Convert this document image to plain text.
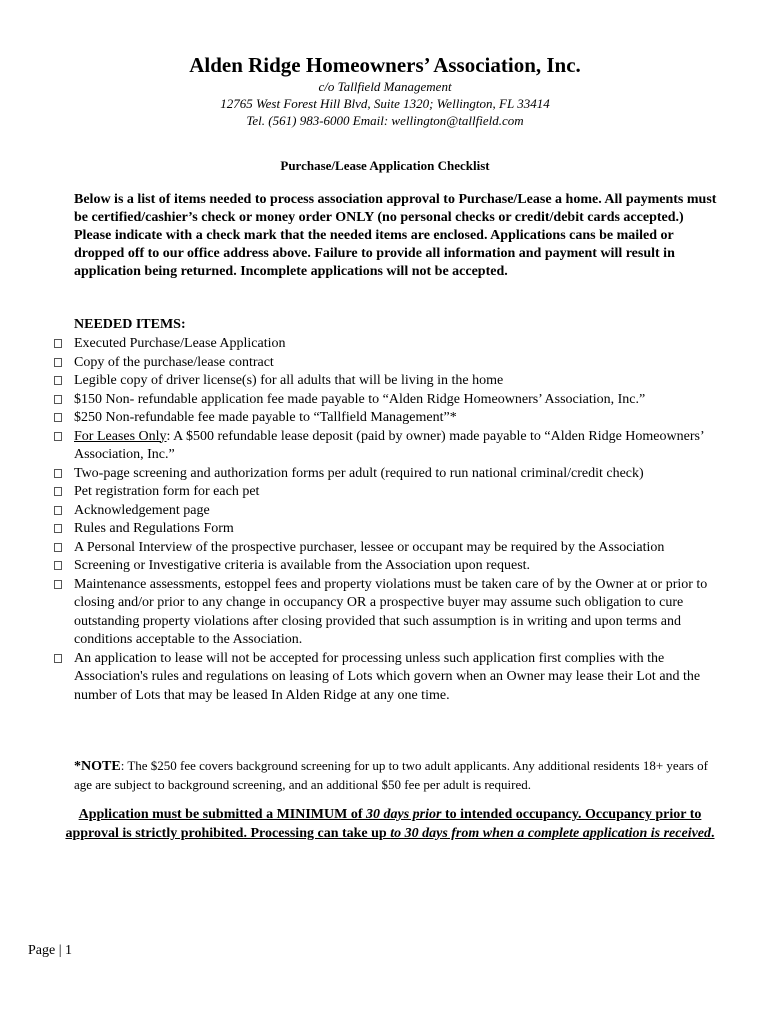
Alden Ridge Homeowners’ Association, Inc.
c/o Tallfield Management
12765 West Forest Hill Blvd, Suite 1320; Wellington, FL 33414
Tel. (561) 983-6000 Email: wellington@tallfield.com
Purchase/Lease Application Checklist
Below is a list of items needed to process association approval to Purchase/Lease a home. All payments must be certified/cashier’s check or money order ONLY (no personal checks or credit/debit cards accepted.) Please indicate with a check mark that the needed items are enclosed. Applications cans be mailed or dropped off to our office address above. Failure to provide all information and payment will result in application being returned. Incomplete applications will not be accepted.
NEEDED ITEMS:
Executed Purchase/Lease Application
Copy of the purchase/lease contract
Legible copy of driver license(s) for all adults that will be living in the home
$150 Non- refundable application fee made payable to “Alden Ridge Homeowners’ Association, Inc.”
$250 Non-refundable fee made payable to “Tallfield Management”*
For Leases Only: A $500 refundable lease deposit (paid by owner) made payable to “Alden Ridge Homeowners’ Association, Inc.”
Two-page screening and authorization forms per adult (required to run national criminal/credit check)
Pet registration form for each pet
Acknowledgement page
Rules and Regulations Form
A Personal Interview of the prospective purchaser, lessee or occupant may be required by the Association
Screening or Investigative criteria is available from the Association upon request.
Maintenance assessments, estoppel fees and property violations must be taken care of by the Owner at or prior to closing and/or prior to any change in occupancy OR a prospective buyer may assume such obligation to cure outstanding property violations after closing provided that such assumption is in writing and upon terms and conditions acceptable to the Association.
An application to lease will not be accepted for processing unless such application first complies with the Association's rules and regulations on leasing of Lots which govern when an Owner may lease their Lot and the number of Lots that may be leased In Alden Ridge at any one time.
*NOTE: The $250 fee covers background screening for up to two adult applicants. Any additional residents 18+ years of age are subject to background screening, and an additional $50 fee per adult is required.
Application must be submitted a MINIMUM of 30 days prior to intended occupancy. Occupancy prior to approval is strictly prohibited. Processing can take up to 30 days from when a complete application is received.
Page | 1
